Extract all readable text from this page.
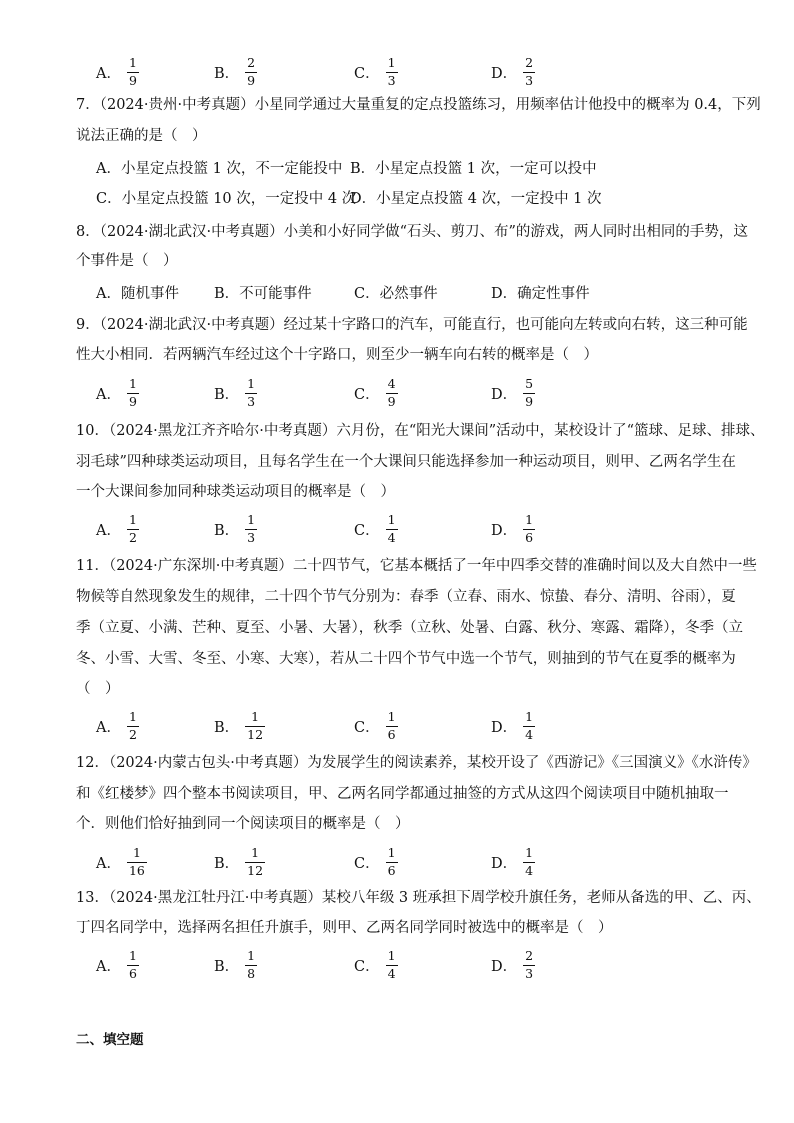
A． $\frac{1}{9}$	B． $\frac{2}{9}$	C． $\frac{1}{3}$	D． $\frac{2}{3}$
7．（2024·贵州·中考真题）小星同学通过大量重复的定点投篮练习，用频率估计他投中的概率为 0.4，下列
说法正确的是（　）
A．小星定点投篮 1 次，不一定能投中 B．小星定点投篮 1 次，一定可以投中
C．小星定点投篮 10 次，一定投中 4 次
D．小星定点投篮 4 次，一定投中 1 次
8．（2024·湖北武汉·中考真题）小美和小好同学做“石头、剪刀、布”的游戏，两人同时出相同的手势，这
个事件是（　）
A．随机事件 B．不可能事件	C．必然事件	D．确定性事件
9．（2024·湖北武汉·中考真题）经过某十字路口的汽车，可能直行，也可能向左转或向右转，这三种可能
性大小相同．若两辆汽车经过这个十字路口，则至少一辆车向右转的概率是（　）
A． $\frac{1}{9}$	B． $\frac{1}{3}$	C． $\frac{4}{9}$	D． $\frac{5}{9}$
10．（2024·黑龙江齐齐哈尔·中考真题）六月份，在“阳光大课间”活动中，某校设计了“篮球、足球、排球、
羽毛球”四种球类运动项目，且每名学生在一个大课间只能选择参加一种运动项目，则甲、乙两名学生在
一个大课间参加同种球类运动项目的概率是（　）
A． $\frac{1}{2}$	B． $\frac{1}{3}$	C． $\frac{1}{4}$	D． $\frac{1}{6}$
11．（2024·广东深圳·中考真题）二十四节气，它基本概括了一年中四季交替的准确时间以及大自然中一些
物候等自然现象发生的规律，二十四个节气分别为：春季（立春、雨水、惊蛰、春分、清明、谷雨），夏
季（立夏、小满、芒种、夏至、小暑、大暑），秋季（立秋、处暑、白露、秋分、寒露、霜降），冬季（立
冬、小雪、大雪、冬至、小寒、大寒），若从二十四个节气中选一个节气，则抽到的节气在夏季的概率为
（　）
A． $\frac{1}{2}$	B． $\frac{1}{12}$	C． $\frac{1}{6}$	D． $\frac{1}{4}$
12．（2024·内蒙古包头·中考真题）为发展学生的阅读素养，某校开设了《西游记》《三国演义》《水浒传》
和《红楼梦》四个整本书阅读项目，甲、乙两名同学都通过抽签的方式从这四个阅读项目中随机抽取一
个．则他们恰好抽到同一个阅读项目的概率是（　）
A． $\frac{1}{16}$	B． $\frac{1}{12}$	C． $\frac{1}{6}$	D． $\frac{1}{4}$
13．（2024·黑龙江牡丹江·中考真题）某校八年级 3 班承担下周学校升旗任务，老师从备选的甲、乙、丙、
丁四名同学中，选择两名担任升旗手，则甲、乙两名同学同时被选中的概率是（　）
A． $\frac{1}{6}$	B． $\frac{1}{8}$	C． $\frac{1}{4}$	D． $\frac{2}{3}$
二、填空题
